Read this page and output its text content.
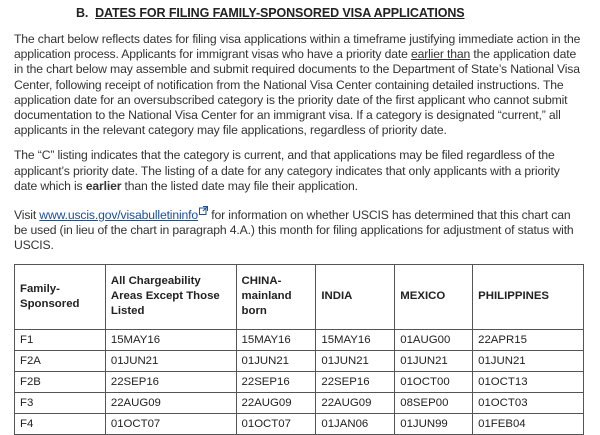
B. DATES FOR FILING FAMILY-SPONSORED VISA APPLICATIONS

The chart below reflects dates for filing visa applications within a timeframe justifying immediate action in the application process. Applicants for immigrant visas who have a priority date earlier than the application date in the chart below may assemble and submit required documents to the Department of State’s National Visa Center, following receipt of notification from the National Visa Center containing detailed instructions. The application date for an oversubscribed category is the priority date of the first applicant who cannot submit documentation to the National Visa Center for an immigrant visa. If a category is designated “current,” all applicants in the relevant category may file applications, regardless of priority date.

The “C” listing indicates that the category is current, and that applications may be filed regardless of the applicant’s priority date. The listing of a date for any category indicates that only applicants with a priority date which is earlier than the listed date may file their application.

Visit www.uscis.gov/visabulletininfo for information on whether USCIS has determined that this chart can be used (in lieu of the chart in paragraph 4.A.) this month for filing applications for adjustment of status with USCIS.

Family-Sponsored	All Chargeability Areas Except Those Listed	CHINA-mainland born	INDIA	MEXICO	PHILIPPINES
F1	15MAY16	15MAY16	15MAY16	01AUG00	22APR15
F2A	01JUN21	01JUN21	01JUN21	01JUN21	01JUN21
F2B	22SEP16	22SEP16	22SEP16	01OCT00	01OCT13
F3	22AUG09	22AUG09	22AUG09	08SEP00	01OCT03
F4	01OCT07	01OCT07	01JAN06	01JUN99	01FEB04
